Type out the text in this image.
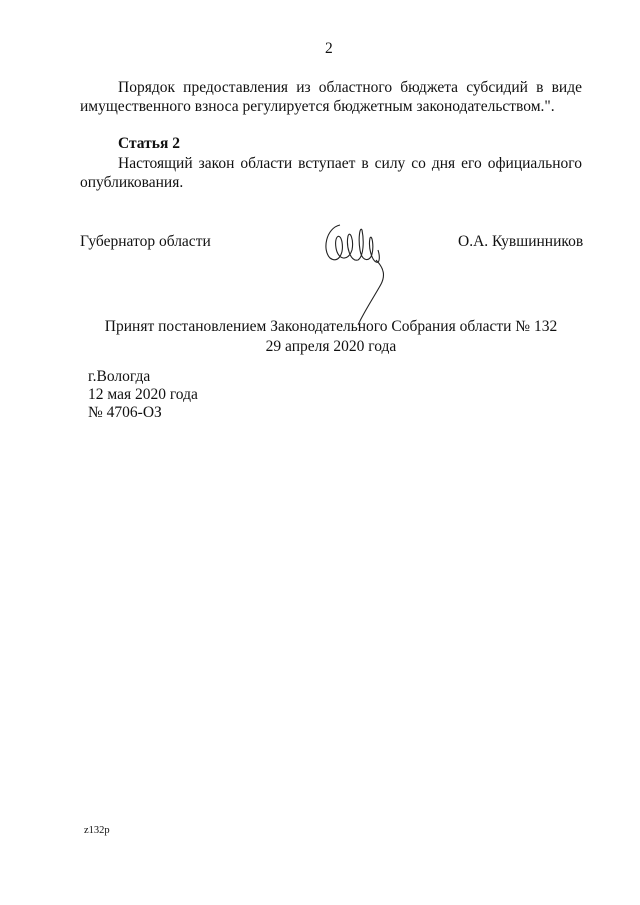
2
Порядок предоставления из областного бюджета субсидий в виде имущественного взноса регулируется бюджетным законодательством.".
Статья 2
Настоящий закон области вступает в силу со дня его официального опубликования.
Губернатор области	О.А. Кувшинников
Принят постановлением Законодательного Собрания области № 132
29 апреля 2020 года
г.Вологда
12 мая 2020 года
№ 4706-ОЗ
z132p
